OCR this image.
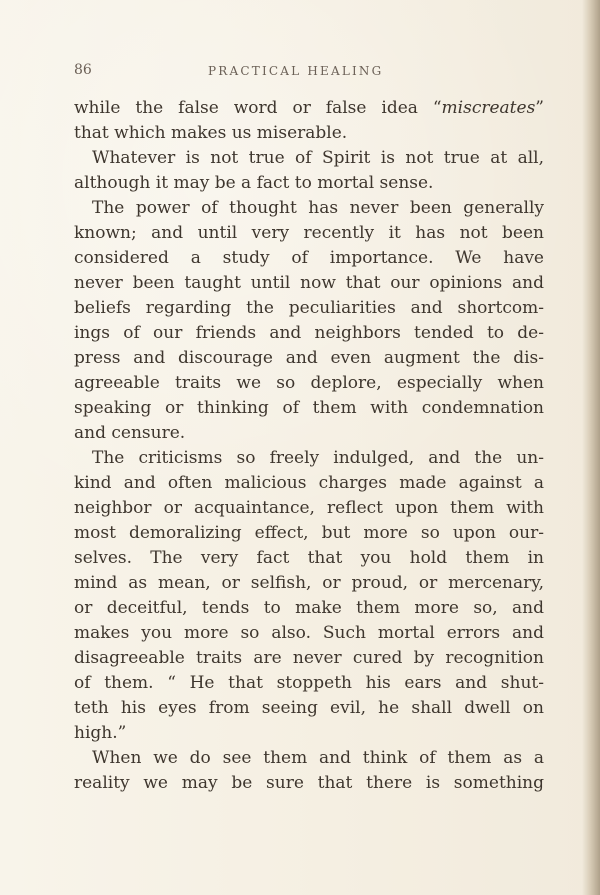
86	PRACTICAL HEALING
while the false word or false idea “miscreates”
that which makes us miserable.
Whatever is not true of Spirit is not true at all,
although it may be a fact to mortal sense.
The power of thought has never been generally
known; and until very recently it has not been
considered a study of importance. We have
never been taught until now that our opinions and
beliefs regarding the peculiarities and shortcom-
ings of our friends and neighbors tended to de-
press and discourage and even augment the dis-
agreeable traits we so deplore, especially when
speaking or thinking of them with condemnation
and censure.
The criticisms so freely indulged, and the un-
kind and often malicious charges made against a
neighbor or acquaintance, reflect upon them with
most demoralizing effect, but more so upon our-
selves. The very fact that you hold them in
mind as mean, or selfish, or proud, or mercenary,
or deceitful, tends to make them more so, and
makes you more so also. Such mortal errors and
disagreeable traits are never cured by recognition
of them. “ He that stoppeth his ears and shut-
teth his eyes from seeing evil, he shall dwell on
high.”
When we do see them and think of them as a
reality we may be sure that there is something
